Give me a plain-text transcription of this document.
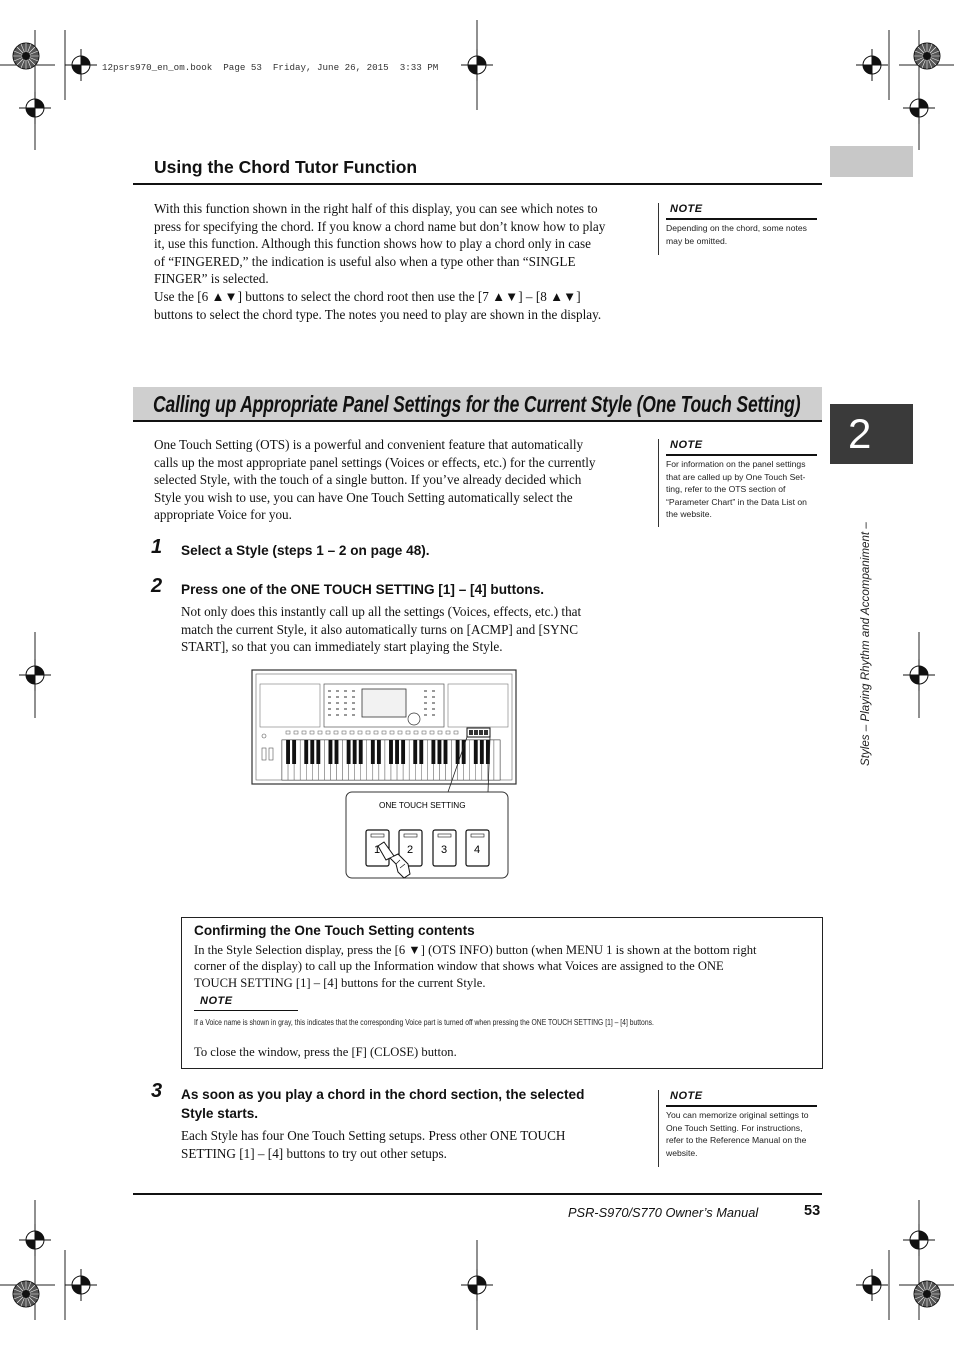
12psrs970_en_om.book  Page 53  Friday, June 26, 2015  3:33 PM
2
Styles – Playing Rhythm and Accompaniment –
Using the Chord Tutor Function
With this function shown in the right half of this display, you can see which notes to
press for specifying the chord. If you know a chord name but don’t know how to play
it, use this function. Although this function shows how to play a chord only in case
of “FINGERED,” the indication is useful also when a type other than “SINGLE
FINGER” is selected.
Use the [6 ▲▼] buttons to select the chord root then use the [7 ▲▼] – [8 ▲▼]
buttons to select the chord type. The notes you need to play are shown in the display.
NOTE
Depending on the chord, some notes
may be omitted.
Calling up Appropriate Panel Settings for the Current Style (One Touch Setting)
One Touch Setting (OTS) is a powerful and convenient feature that automatically
calls up the most appropriate panel settings (Voices or effects, etc.) for the currently
selected Style, with the touch of a single button. If you’ve already decided which
Style you wish to use, you can have One Touch Setting automatically select the
appropriate Voice for you.
NOTE
For information on the panel settings
that are called up by One Touch Set-
ting, refer to the OTS section of
“Parameter Chart” in the Data List on
the website.
1 Select a Style (steps 1 – 2 on page 48).
2 Press one of the ONE TOUCH SETTING [1] – [4] buttons.
Not only does this instantly call up all the settings (Voices, effects, etc.) that
match the current Style, it also automatically turns on [ACMP] and [SYNC
START], so that you can immediately start playing the Style.
ONE TOUCH SETTING
1 2	3 4
Confirming the One Touch Setting contents
In the Style Selection display, press the [6 ▼] (OTS INFO) button (when MENU 1 is shown at the bottom right
corner of the display) to call up the Information window that shows what Voices are assigned to the ONE
TOUCH SETTING [1] – [4] buttons for the current Style.
NOTE
If a Voice name is shown in gray, this indicates that the corresponding Voice part is turned off when pressing the ONE TOUCH SETTING [1] – [4] buttons.
To close the window, press the [F] (CLOSE) button.
3 As soon as you play a chord in the chord section, the selected
Style starts.
Each Style has four One Touch Setting setups. Press other ONE TOUCH
SETTING [1] – [4] buttons to try out other setups.
NOTE
You can memorize original settings to
One Touch Setting. For instructions,
refer to the Reference Manual on the
website.
PSR-S970/S770 Owner’s Manual	53
